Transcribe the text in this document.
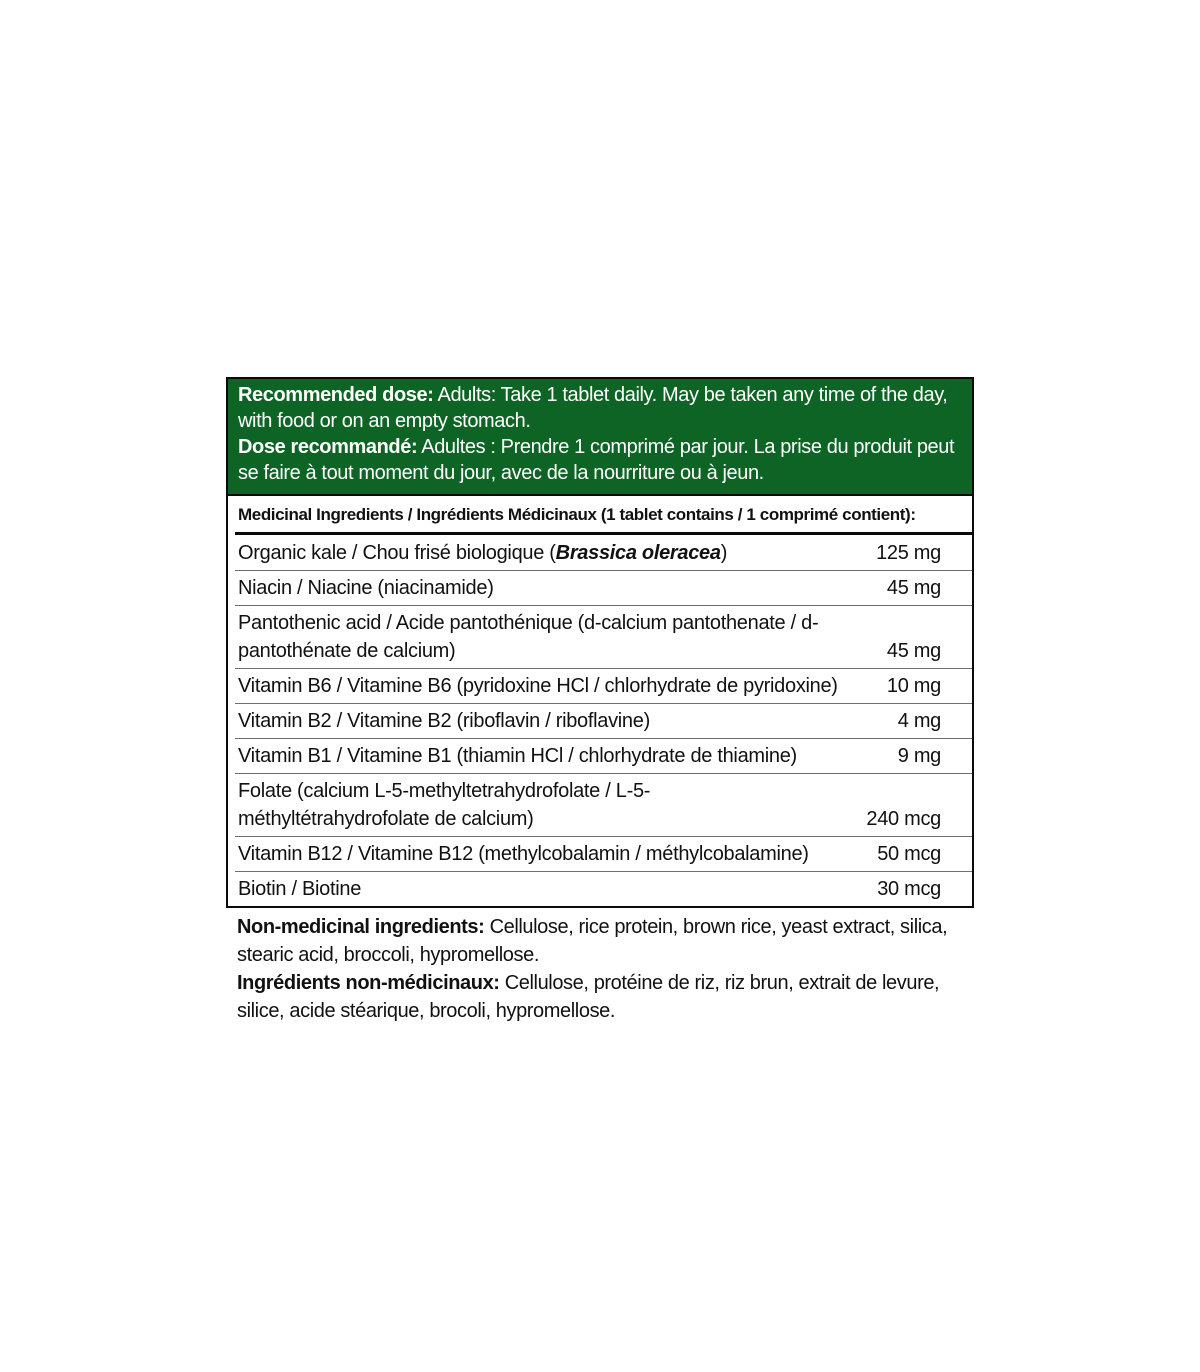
Recommended dose: Adults: Take 1 tablet daily. May be taken any time of the day, with food or on an empty stomach.

Dose recommandé: Adultes : Prendre 1 comprimé par jour. La prise du produit peut se faire à tout moment du jour, avec de la nourriture ou à jeun.

Medicinal Ingredients / Ingrédients Médicinaux (1 tablet contains / 1 comprimé contient):
Organic kale / Chou frisé biologique (Brassica oleracea)	125 mg
Niacin / Niacine (niacinamide)	45 mg
Pantothenic acid / Acide pantothénique (d-calcium pantothenate / d-pantothénate de calcium)	45 mg
Vitamin B6 / Vitamine B6 (pyridoxine HCl / chlorhydrate de pyridoxine)	10 mg
Vitamin B2 / Vitamine B2 (riboflavin / riboflavine)	4 mg
Vitamin B1 / Vitamine B1 (thiamin HCl / chlorhydrate de thiamine)	9 mg
Folate (calcium L-5-methyltetrahydrofolate / L-5-méthyltétrahydrofolate de calcium)	240 mcg
Vitamin B12 / Vitamine B12 (methylcobalamin / méthylcobalamine)	50 mcg
Biotin / Biotine	30 mcg

Non-medicinal ingredients: Cellulose, rice protein, brown rice, yeast extract, silica, stearic acid, broccoli, hypromellose.

Ingrédients non-médicinaux: Cellulose, protéine de riz, riz brun, extrait de levure, silice, acide stéarique, brocoli, hypromellose.
